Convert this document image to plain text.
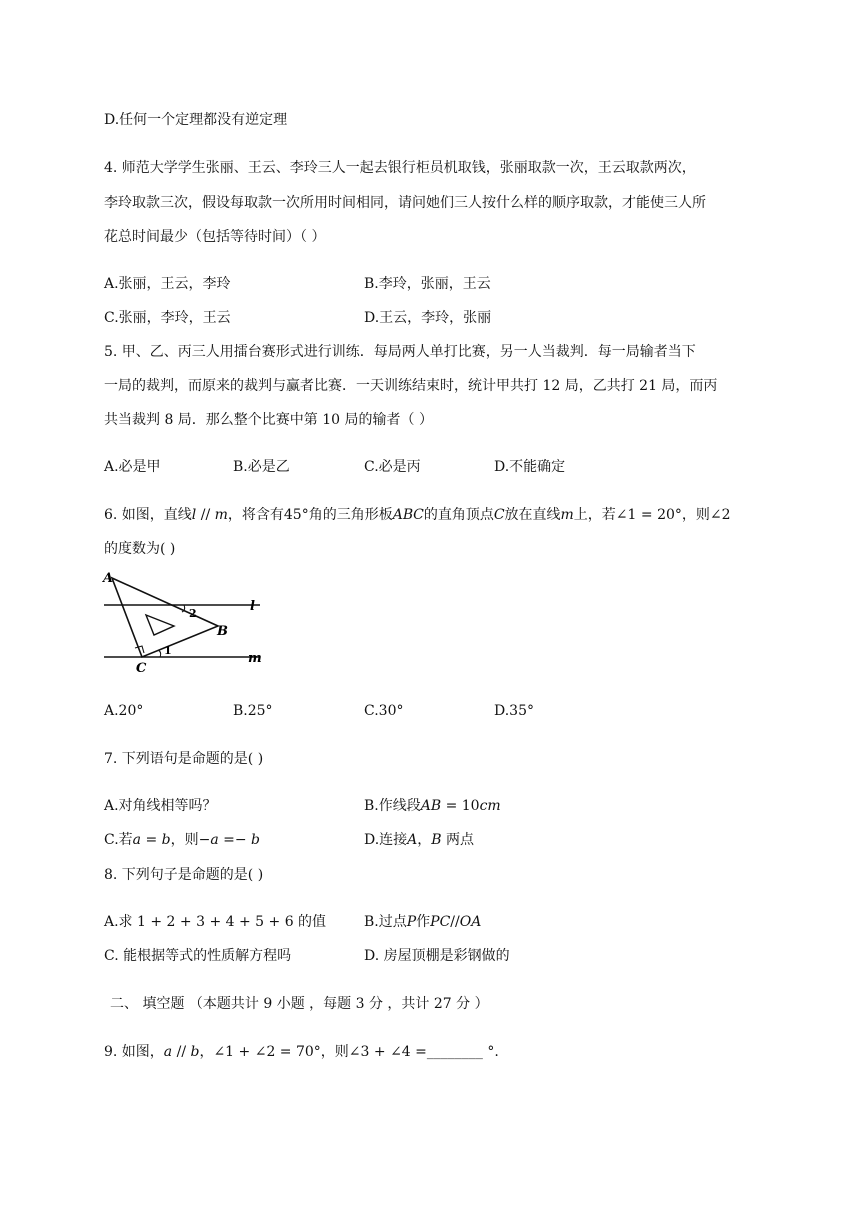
D.任何一个定理都没有逆定理
4. 师范大学学生张丽、王云、李玲三人一起去银行柜员机取钱，张丽取款一次，王云取款两次，
李玲取款三次，假设每取款一次所用时间相同，请问她们三人按什么样的顺序取款，才能使三人所
花总时间最少（包括等待时间）（ ）
A.张丽，王云，李玲	B.李玲，张丽，王云
C.张丽，李玲，王云	D.王云，李玲，张丽
5. 甲、乙、丙三人用擂台赛形式进行训练．每局两人单打比赛，另一人当裁判．每一局输者当下
一局的裁判，而原来的裁判与赢者比赛．一天训练结束时，统计甲共打 12 局，乙共打 21 局，而丙
共当裁判 8 局．那么整个比赛中第 10 局的输者（ ）
A.必是甲	B.必是乙	C.必是丙	D.不能确定
6. 如图，直线𝑙 // 𝑚，将含有45°角的三角形板𝐴𝐵𝐶的直角顶点𝐶放在直线𝑚上，若∠1 = 20°，则∠2
的度数为( )
A
B
C
l
m
2
1
A.20°	B.25°	C.30°	D.35°
7. 下列语句是命题的是( )
A.对角线相等吗？	B.作线段𝐴𝐵 = 10𝑐𝑚
C.若𝑎 = 𝑏，则−𝑎 =− 𝑏	D.连接𝐴，𝐵 两点
8. 下列句子是命题的是( )
A.求 1 + 2 + 3 + 4 + 5 + 6 的值	B.过点𝑃作𝑃𝐶//𝑂𝐴
C. 能根据等式的性质解方程吗	D. 房屋顶棚是彩钢做的
二、 填空题 （本题共计 9 小题 ，每题 3 分 ，共计 27 分 ）
9. 如图，𝑎 // 𝑏，∠1 + ∠2 = 70°，则∠3 + ∠4 =________ °.
